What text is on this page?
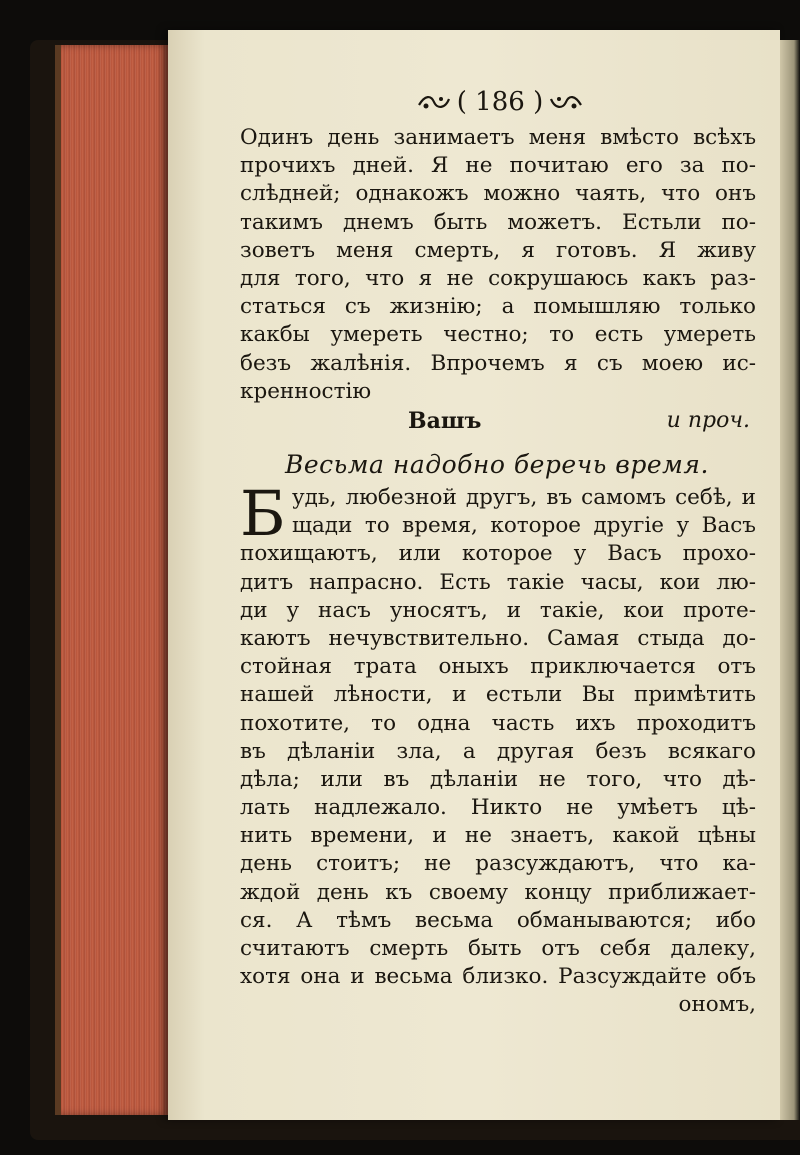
( 186 )
Одинъ день занимаетъ меня вмѣсто всѣхъ
прочихъ дней. Я не почитаю его за по-
слѣдней; однакожъ можно чаять, что онъ
такимъ днемъ быть можетъ. Естьли по-
зоветъ меня смерть, я готовъ. Я живу
для того, что я не сокрушаюсь какъ раз-
статься съ жизнію; а помышляю только
какбы умереть честно; то есть умереть
безъ жалѣнія. Впрочемъ я съ моею ис-
кренностію
Вашъ	и проч.
Весьма надобно беречь время.
Б удь, любезной другъ, въ самомъ себѣ, и
щади то время, которое другіе у Васъ
похищаютъ, или которое у Васъ прохо-
дитъ напрасно. Есть такіе часы, кои лю-
ди у насъ уносятъ, и такіе, кои проте-
каютъ нечувствительно. Самая стыда до-
стойная трата оныхъ приключается отъ
нашей лѣности, и естьли Вы примѣтить
похотите, то одна часть ихъ проходитъ
въ дѣланіи зла, а другая безъ всякаго
дѣла; или въ дѣланіи не того, что дѣ-
лать надлежало. Никто не умѣетъ цѣ-
нить времени, и не знаетъ, какой цѣны
день стоитъ; не разсуждаютъ, что ка-
ждой день къ своему концу приближает-
ся. А тѣмъ весьма обманываются; ибо
считаютъ смерть быть отъ себя далеку,
хотя она и весьма близко. Разсуждайте объ
ономъ,
